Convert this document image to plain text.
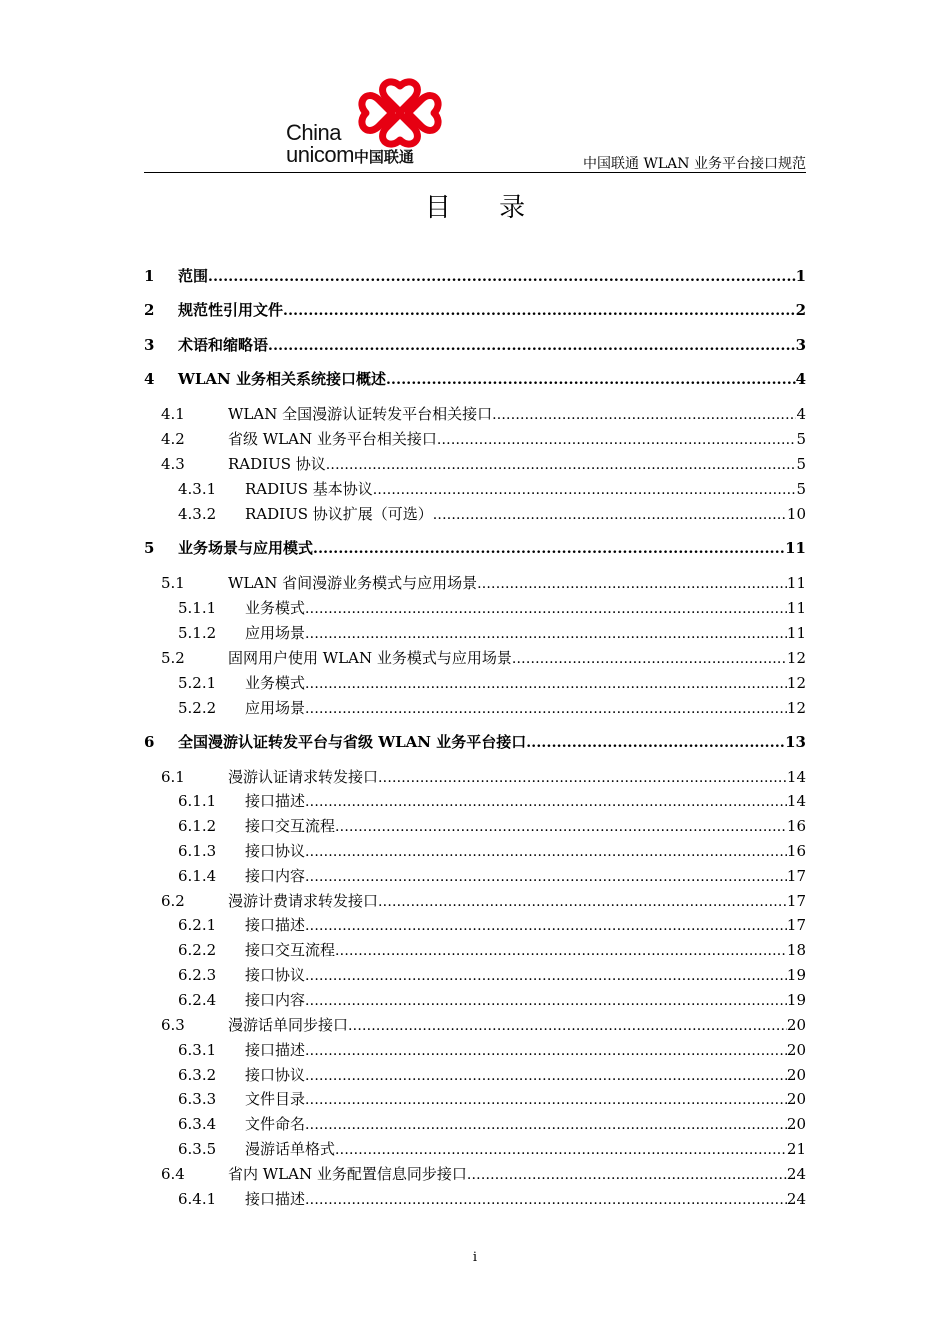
China
unicom中国联通	中国联通 WLAN 业务平台接口规范
目 录
1	范围 .....	1
2	规范性引用文件 .....	2
3	术语和缩略语 .....	3
4	WLAN 业务相关系统接口概述 .....	4
4.1	WLAN 全国漫游认证转发平台相关接口 .....	4
4.2	省级 WLAN 业务平台相关接口 .....	5
4.3	RADIUS 协议 .....	5
4.3.1	RADIUS 基本协议 .....	5
4.3.2	RADIUS 协议扩展（可选） .....	10
5	业务场景与应用模式 .....	11
5.1	WLAN 省间漫游业务模式与应用场景 .....	11
5.1.1	业务模式 .....	11
5.1.2	应用场景 .....	11
5.2	固网用户使用 WLAN 业务模式与应用场景 .....	12
5.2.1	业务模式 .....	12
5.2.2	应用场景 .....	12
6	全国漫游认证转发平台与省级 WLAN 业务平台接口 .....	13
6.1	漫游认证请求转发接口 .....	14
6.1.1	接口描述 .....	14
6.1.2	接口交互流程 .....	16
6.1.3	接口协议 .....	16
6.1.4	接口内容 .....	17
6.2	漫游计费请求转发接口 .....	17
6.2.1	接口描述 .....	17
6.2.2	接口交互流程 .....	18
6.2.3	接口协议 .....	19
6.2.4	接口内容 .....	19
6.3	漫游话单同步接口 .....	20
6.3.1	接口描述 .....	20
6.3.2	接口协议 .....	20
6.3.3	文件目录 .....	20
6.3.4	文件命名 .....	20
6.3.5	漫游话单格式 .....	21
6.4	省内 WLAN 业务配置信息同步接口 .....	24
6.4.1	接口描述 .....	24
i
